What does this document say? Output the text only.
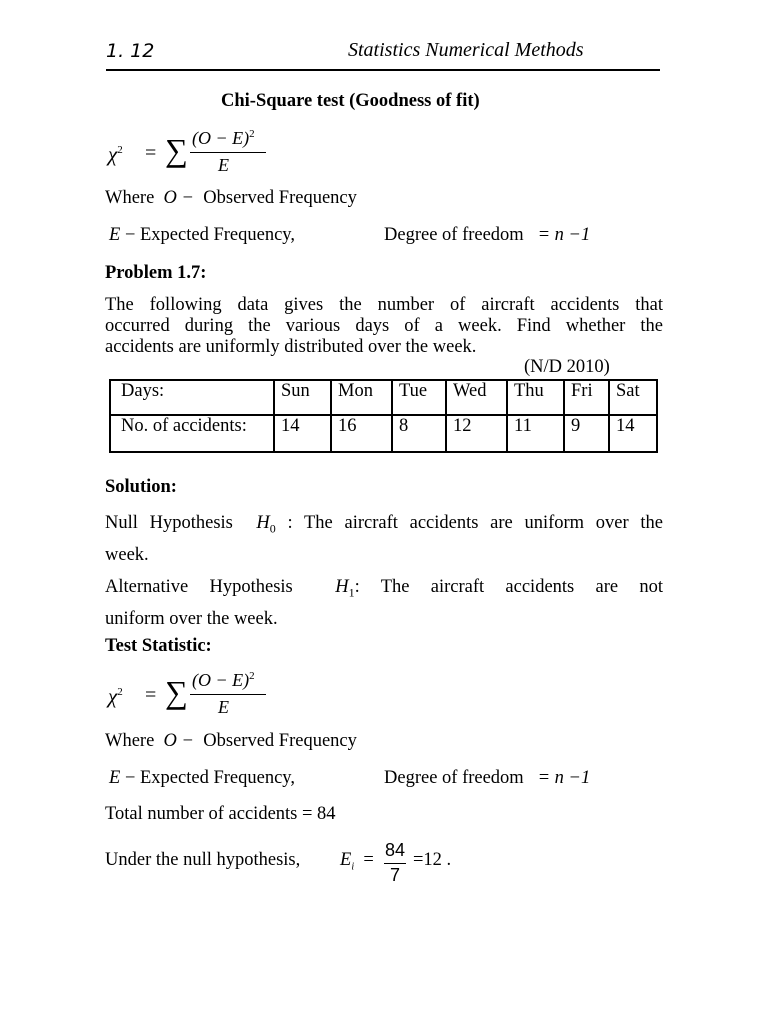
1. 12	Statistics Numerical Methods
Chi-Square test (Goodness of fit)
$\chi^2$ = ∑ $(O - E)^2$
E
Where O − Observed Frequency
E − Expected Frequency,	Degree of freedom = n −1
Problem 1.7:
The following data gives the number of aircraft accidents that
occurred during the various days of a week. Find whether the
accidents are uniformly distributed over the week.
(N/D 2010)
Days:	Sun	Mon	Tue	Wed	Thu	Fri	Sat
No. of accidents:	14	16	8	12	11	9	14
Solution:
Null Hypothesis $H_0$ : The aircraft accidents are uniform over the
week.
Alternative Hypothesis $H_1$: The aircraft accidents are not
uniform over the week.
Test Statistic:
$\chi^2$ = ∑ $(O - E)^2$
E
Where O − Observed Frequency
E − Expected Frequency,	Degree of freedom = n −1
Total number of accidents = 84
Under the null hypothesis, $E_i = 84$
7
=12 .
